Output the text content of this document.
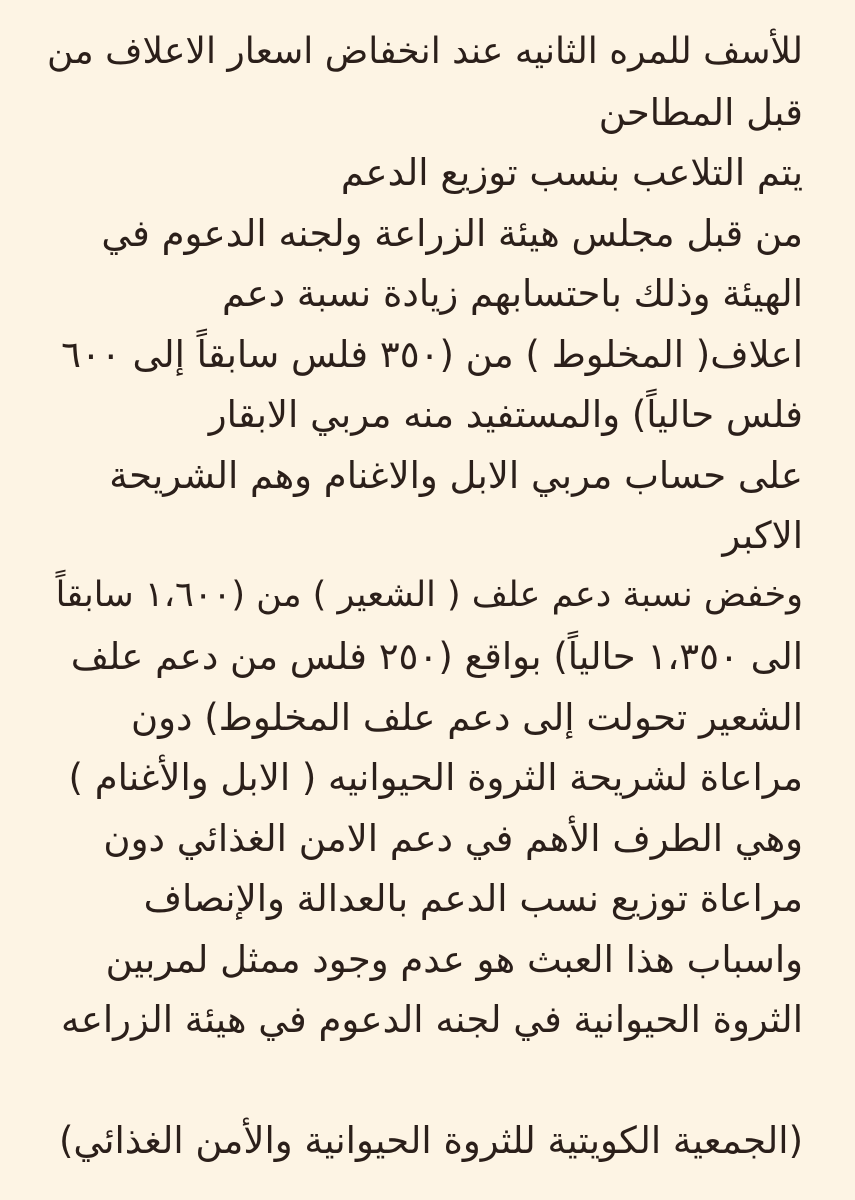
للأسف للمره الثانيه عند انخفاض اسعار الاعلاف من
قبل المطاحن
يتم التلاعب بنسب توزيع الدعم
من قبل مجلس هيئة الزراعة ولجنه الدعوم في
الهيئة وذلك باحتسابهم زيادة نسبة دعم
اعلاف( المخلوط ) من (٣٥٠ فلس سابقاً إلى ٦٠٠
فلس حالياً) والمستفيد منه مربي الابقار
على حساب مربي الابل والاغنام وهم الشريحة
الاكبر
وخفض نسبة دعم علف ( الشعير ) من (١،٦٠٠ سابقاً
الى ١،٣٥٠ حالياً) بواقع (٢٥٠ فلس من دعم علف
الشعير تحولت إلى دعم علف المخلوط) دون
مراعاة لشريحة الثروة الحيوانيه ( الابل والأغنام )
وهي الطرف الأهم في دعم الامن الغذائي دون
مراعاة توزيع نسب الدعم بالعدالة والإنصاف
واسباب هذا العبث هو عدم وجود ممثل لمربين
الثروة الحيوانية في لجنه الدعوم في هيئة الزراعه
(الجمعية الكويتية للثروة الحيوانية والأمن الغذائي)
